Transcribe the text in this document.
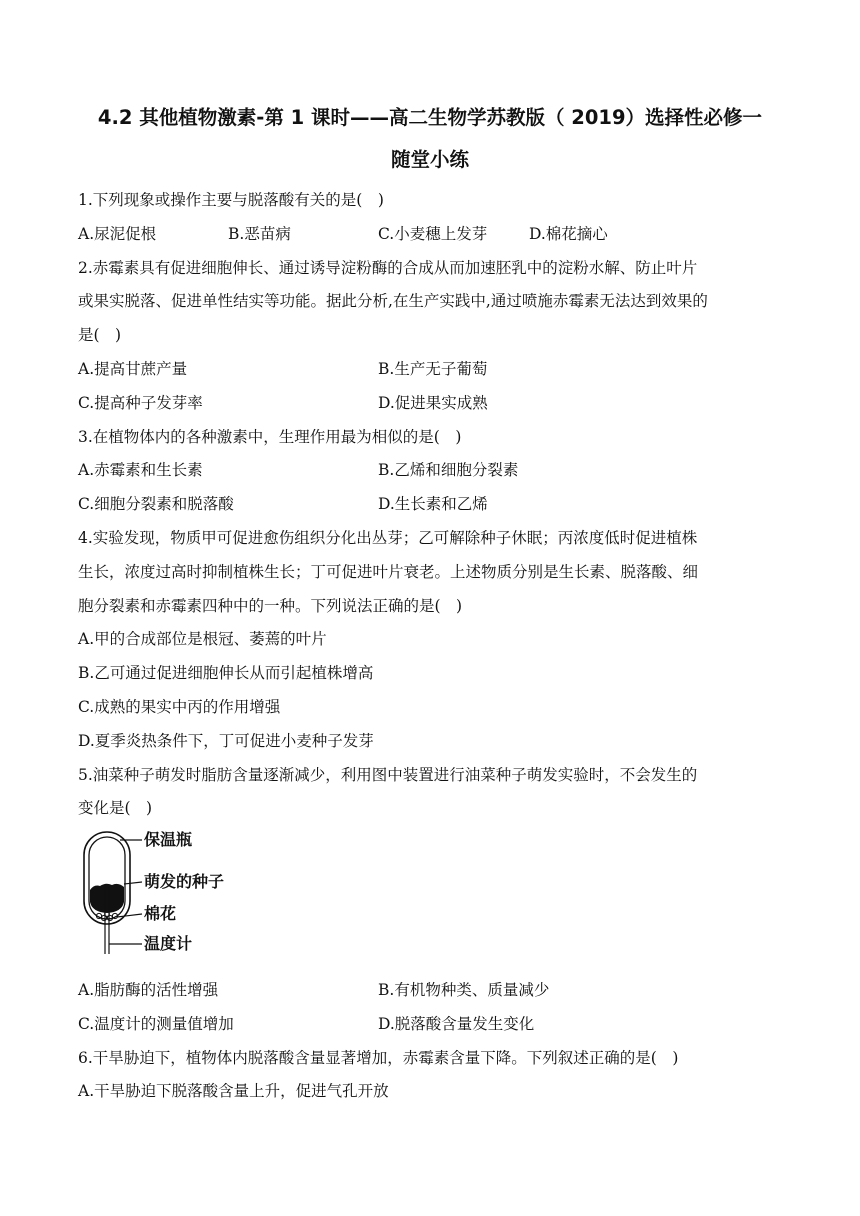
4.2 其他植物激素-第 1 课时——高二生物学苏教版（ 2019）选择性必修一
随堂小练
1.下列现象或操作主要与脱落酸有关的是(　)
A.尿泥促根	B.恶苗病	C.小麦穗上发芽	D.棉花摘心
2.赤霉素具有促进细胞伸长、通过诱导淀粉酶的合成从而加速胚乳中的淀粉水解、防止叶片
或果实脱落、促进单性结实等功能。据此分析,在生产实践中,通过喷施赤霉素无法达到效果的
是(　)
A.提高甘蔗产量	B.生产无子葡萄
C.提高种子发芽率	D.促进果实成熟
3.在植物体内的各种激素中，生理作用最为相似的是(　)
A.赤霉素和生长素	B.乙烯和细胞分裂素
C.细胞分裂素和脱落酸	D.生长素和乙烯
4.实验发现，物质甲可促进愈伤组织分化出丛芽；乙可解除种子休眠；丙浓度低时促进植株
生长，浓度过高时抑制植株生长；丁可促进叶片衰老。上述物质分别是生长素、脱落酸、细
胞分裂素和赤霉素四种中的一种。下列说法正确的是(　)
A.甲的合成部位是根冠、萎蔫的叶片
B.乙可通过促进细胞伸长从而引起植株增高
C.成熟的果实中丙的作用增强
D.夏季炎热条件下，丁可促进小麦种子发芽
5.油菜种子萌发时脂肪含量逐渐减少，利用图中装置进行油菜种子萌发实验时，不会发生的
变化是(　)
保温瓶
萌发的种子
棉花
温度计
A.脂肪酶的活性增强	B.有机物种类、质量减少
C.温度计的测量值增加	D.脱落酸含量发生变化
6.干旱胁迫下，植物体内脱落酸含量显著增加，赤霉素含量下降。下列叙述正确的是(　)
A.干旱胁迫下脱落酸含量上升，促进气孔开放
